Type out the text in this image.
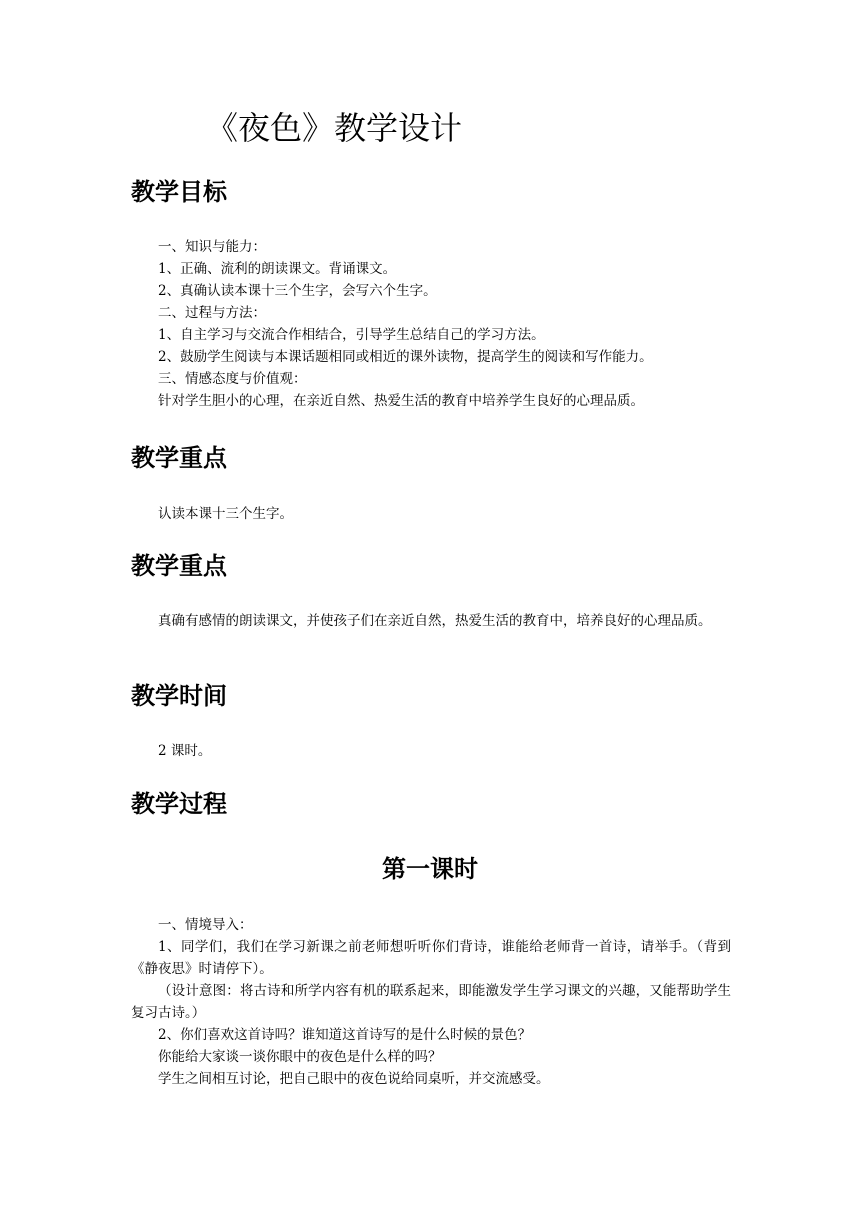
《夜色》教学设计
教学目标

一、知识与能力：

1、正确、流利的朗读课文。背诵课文。

2、真确认读本课十三个生字，会写六个生字。

二、过程与方法：

1、自主学习与交流合作相结合，引导学生总结自己的学习方法。

2、鼓励学生阅读与本课话题相同或相近的课外读物，提高学生的阅读和写作能力。

三、情感态度与价值观：

针对学生胆小的心理，在亲近自然、热爱生活的教育中培养学生良好的心理品质。

教学重点

认读本课十三个生字。

教学重点

真确有感情的朗读课文，并使孩子们在亲近自然，热爱生活的教育中，培养良好的心理品质。

教学时间

2 课时。

教学过程
第一课时

一、情境导入：

1、同学们，我们在学习新课之前老师想听听你们背诗，谁能给老师背一首诗，请举手。（背到《静夜思》时请停下）。

（设计意图：将古诗和所学内容有机的联系起来，即能激发学生学习课文的兴趣，又能帮助学生复习古诗。）

2、你们喜欢这首诗吗？谁知道这首诗写的是什么时候的景色？

你能给大家谈一谈你眼中的夜色是什么样的吗？

学生之间相互讨论，把自己眼中的夜色说给同桌听，并交流感受。
